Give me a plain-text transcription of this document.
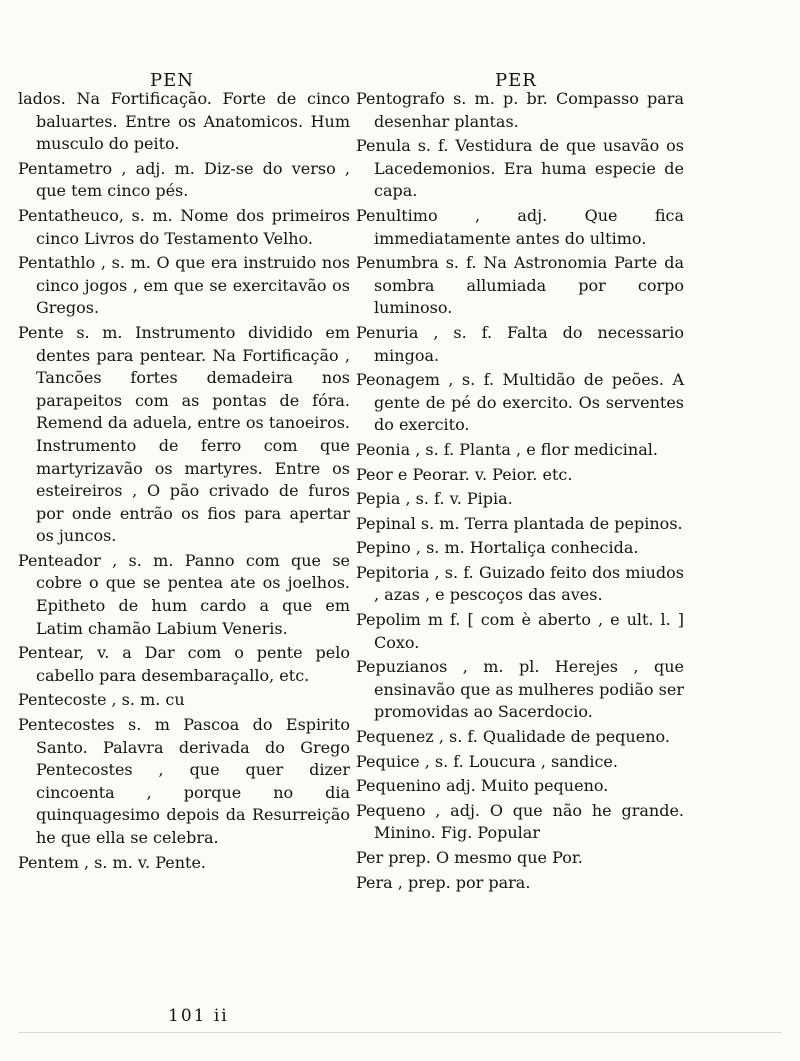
PEN	PER

lados. Na Fortificação. Forte de cinco baluartes. Entre os Anatomicos. Hum musculo do peito.

Pentametro , adj. m. Diz-se do verso , que tem cinco pés.

Pentatheuco, s. m. Nome dos primeiros cinco Livros do Testamento Velho.

Pentathlo , s. m. O que era instruido nos cinco jogos , em que se exercitavão os Gregos.

Pente s. m. Instrumento dividido em dentes para pentear. Na Fortificação , Tancões fortes demadeira nos parapeitos com as pontas de fóra. Remend da aduela, entre os tanoeiros. Instrumento de ferro com que martyrizavão os martyres. Entre os esteireiros , O pão crivado de furos por onde entrão os fios para apertar os juncos.

Penteador , s. m. Panno com que se cobre o que se pentea ate os joelhos. Epitheto de hum cardo a que em Latim chamão Labium Veneris.

Pentear, v. a Dar com o pente pelo cabello para desembaraçallo, etc.

Pentecoste , s. m. cu

Pentecostes s. m Pascoa do Espirito Santo. Palavra derivada do Grego Pentecostes , que quer dizer cincoenta , porque no dia quinquagesimo depois da Resurreição he que ella se celebra.

Pentem , s. m. v. Pente.

Pentografo s. m. p. br. Compasso para desenhar plantas.

Penula s. f. Vestidura de que usavão os Lacedemonios. Era huma especie de capa.

Penultimo , adj. Que fica immediatamente antes do ultimo.

Penumbra s. f. Na Astronomia Parte da sombra allumiada por corpo luminoso.

Penuria , s. f. Falta do necessario mingoa.

Peonagem , s. f. Multidão de peões. A gente de pé do exercito. Os serventes do exercito.

Peonia , s. f. Planta , e flor medicinal.

Peor e Peorar. v. Peior. etc.

Pepia , s. f. v. Pipia.

Pepinal s. m. Terra plantada de pepinos.

Pepino , s. m. Hortaliça conhecida.

Pepitoria , s. f. Guizado feito dos miudos , azas , e pescoços das aves.

Pepolim m f. [ com è aberto , e ult. l. ] Coxo.

Pepuzianos , m. pl. Herejes , que ensinavão que as mulheres podião ser promovidas ao Sacerdocio.

Pequenez , s. f. Qualidade de pequeno.

Pequice , s. f. Loucura , sandice.

Pequenino adj. Muito pequeno.

Pequeno , adj. O que não he grande. Minino. Fig. Popular

Per prep. O mesmo que Por.

Pera , prep. por para.

101 ii
